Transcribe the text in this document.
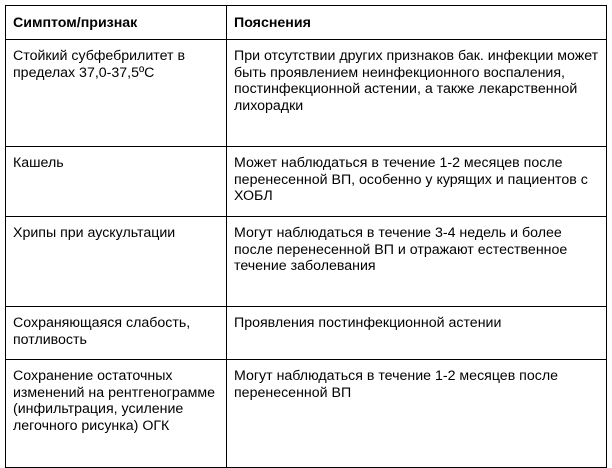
Симптом/признак	Пояснения
Стойкий субфебрилитет в пределах 37,0-37,5ºС	При отсутствии других признаков бак. инфекции может быть проявлением неинфекционного воспаления, постинфекционной астении, а также лекарственной лихорадки
Кашель	Может наблюдаться в течение 1-2 месяцев после перенесенной ВП, особенно у курящих и пациентов с ХОБЛ
Хрипы при аускультации	Могут наблюдаться в течение 3-4 недель и более после перенесенной ВП и отражают естественное течение заболевания
Сохраняющаяся слабость, потливость	Проявления постинфекционной астении
Сохранение остаточных изменений на рентгенограмме (инфильтрация, усиление легочного рисунка) ОГК	Могут наблюдаться в течение 1-2 месяцев после перенесенной ВП
